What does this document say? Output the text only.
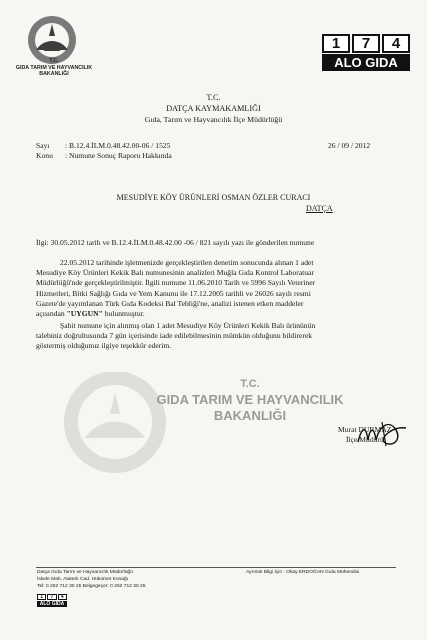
T.C.
GIDA TARIM VE HAYVANCILIK
BAKANLIĞI
1	7	4
ALO GIDA
T.C.
DATÇA KAYMAKAMLIĞI
Gıda, Tarım ve Hayvancılık İlçe Müdürlüğü
Sayı : B.12.4.İLM.0.48.42.00-06 / 1525	26 / 09 / 2012
Konu : Numune Sonuç Raporu Hakkında
MESUDİYE KÖY ÜRÜNLERİ OSMAN ÖZLER CURACI
DATÇA
İlgi: 30.05.2012 tarih ve B.12.4.İLM.0.48.42.00 -06 / 821 sayılı yazı ile gönderilen numune

22.05.2012 tarihinde işletmenizde gerçekleştirilen denetim sonucunda alınan 1 adet

Mesudiye Köy Ürünleri Kekik Balı numunesinin analizleri Muğla Gıda Kontrol Laboratuar

Müdürlüğü'nde gerçekleştirilmiştir. İlgili numune 11.06.2010 Tarih ve 5996 Sayılı Veteriner

Hizmetleri, Bitki Sağlığı Gıda ve Yem Kanunu ile 17.12.2005 tarihli ve 26026 sayılı resmi

Gazete'de yayımlanan Türk Gıda Kodeksi Bal Tebliği'ne, analizi istenen etken maddeler

açısından "UYGUN" bulunmuştur.

Şahit numune için alınmış olan 1 adet Mesudiye Köy Ürünleri Kekik Balı ürününün

talebiniz doğrultusunda 7 gün içerisinde iade edilebilmesinin mümkün olduğunu bildirerek

göstermiş olduğunuz ilgiye teşekkür ederim.

T.C.
GIDA TARIM VE HAYVANCILIK
BAKANLIĞI
Murat DURMAZ
İlçe Müdürü
Datça Gıda Tarım ve Hayvancılık Müdürlüğü
İskele Mah. Atatürk Cad. Hükümet Konağı
Tel: 0 252 712 30 25 Belgegeçer: 0 252 712 30 25
Ayrıntılı Bilgi İçin : Okay ERDOĞAN Gıda Mühendisi
1	7	4
ALO GIDA
